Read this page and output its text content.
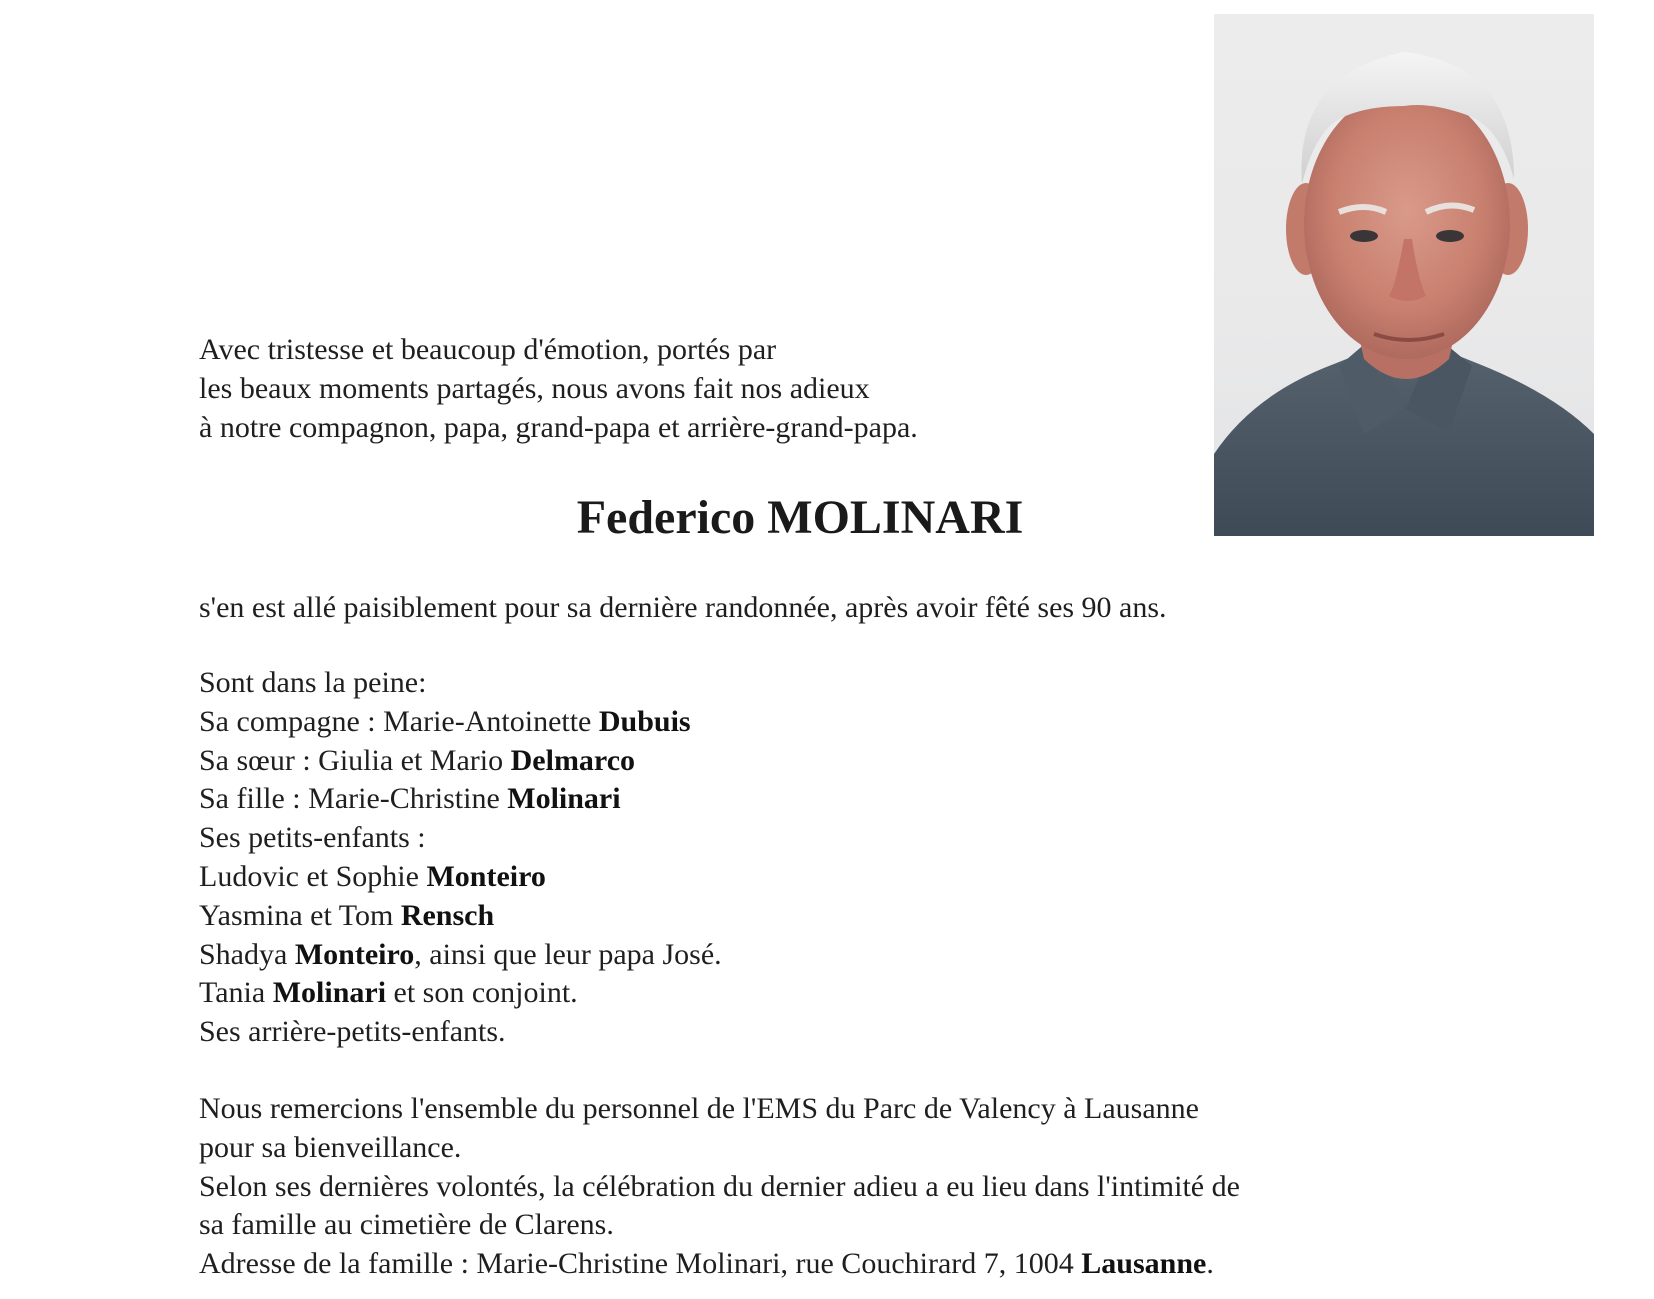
Avec tristesse et beaucoup d'émotion, portés par
les beaux moments partagés, nous avons fait nos adieux
à notre compagnon, papa, grand-papa et arrière-grand-papa.
Federico MOLINARI
s'en est allé paisiblement pour sa dernière randonnée, après avoir fêté ses 90 ans.
Sont dans la peine:
Sa compagne : Marie-Antoinette Dubuis
Sa sœur : Giulia et Mario Delmarco
Sa fille : Marie-Christine Molinari
Ses petits-enfants :
Ludovic et Sophie Monteiro
Yasmina et Tom Rensch
Shadya Monteiro, ainsi que leur papa José.
Tania Molinari et son conjoint.
Ses arrière-petits-enfants.
Nous remercions l'ensemble du personnel de l'EMS du Parc de Valency à Lausanne
pour sa bienveillance.
Selon ses dernières volontés, la célébration du dernier adieu a eu lieu dans l'intimité de
sa famille au cimetière de Clarens.
Adresse de la famille : Marie-Christine Molinari, rue Couchirard 7, 1004 Lausanne.
